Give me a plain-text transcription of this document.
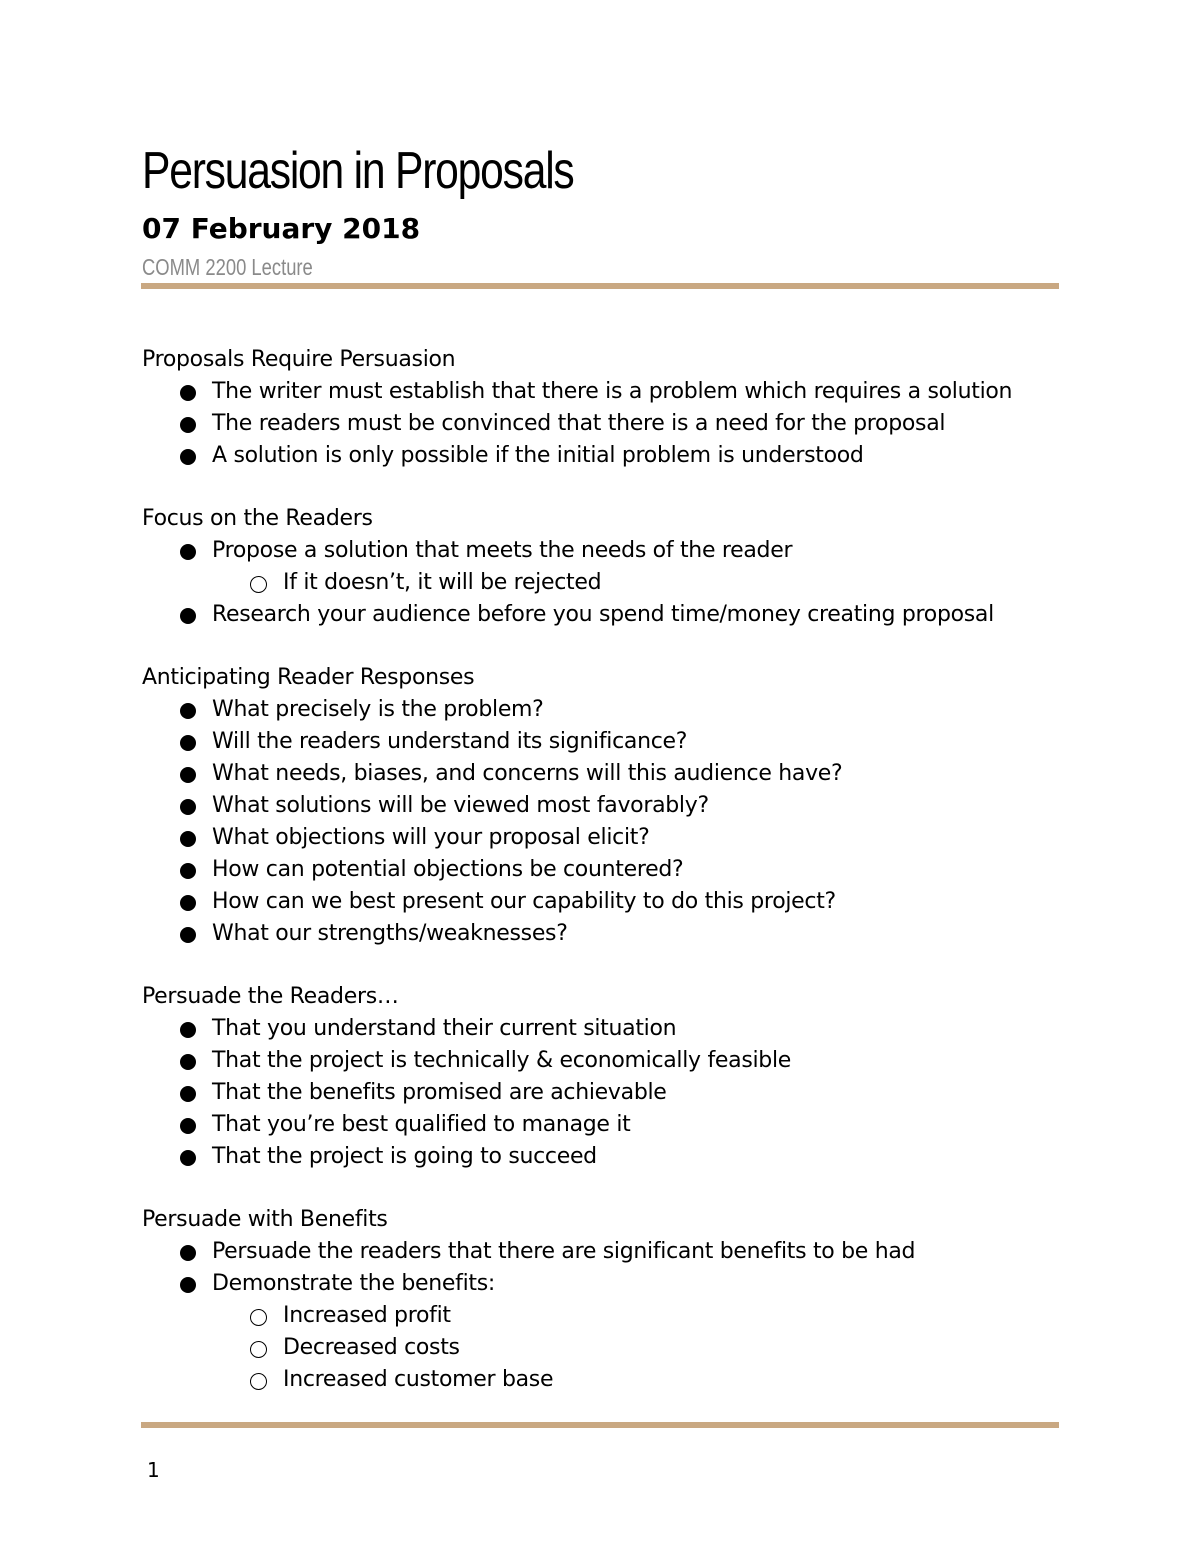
Persuasion in Proposals
07 February 2018
COMM 2200 Lecture
Proposals Require Persuasion
The writer must establish that there is a problem which requires a solution
The readers must be convinced that there is a need for the proposal
A solution is only possible if the initial problem is understood
Focus on the Readers
Propose a solution that meets the needs of the reader
If it doesn’t, it will be rejected
Research your audience before you spend time/money creating proposal
Anticipating Reader Responses
What precisely is the problem?
Will the readers understand its significance?
What needs, biases, and concerns will this audience have?
What solutions will be viewed most favorably?
What objections will your proposal elicit?
How can potential objections be countered?
How can we best present our capability to do this project?
What our strengths/weaknesses?
Persuade the Readers…
That you understand their current situation
That the project is technically & economically feasible
That the benefits promised are achievable
That you’re best qualified to manage it
That the project is going to succeed
Persuade with Benefits
Persuade the readers that there are significant benefits to be had
Demonstrate the benefits:
Increased profit
Decreased costs
Increased customer base
1
